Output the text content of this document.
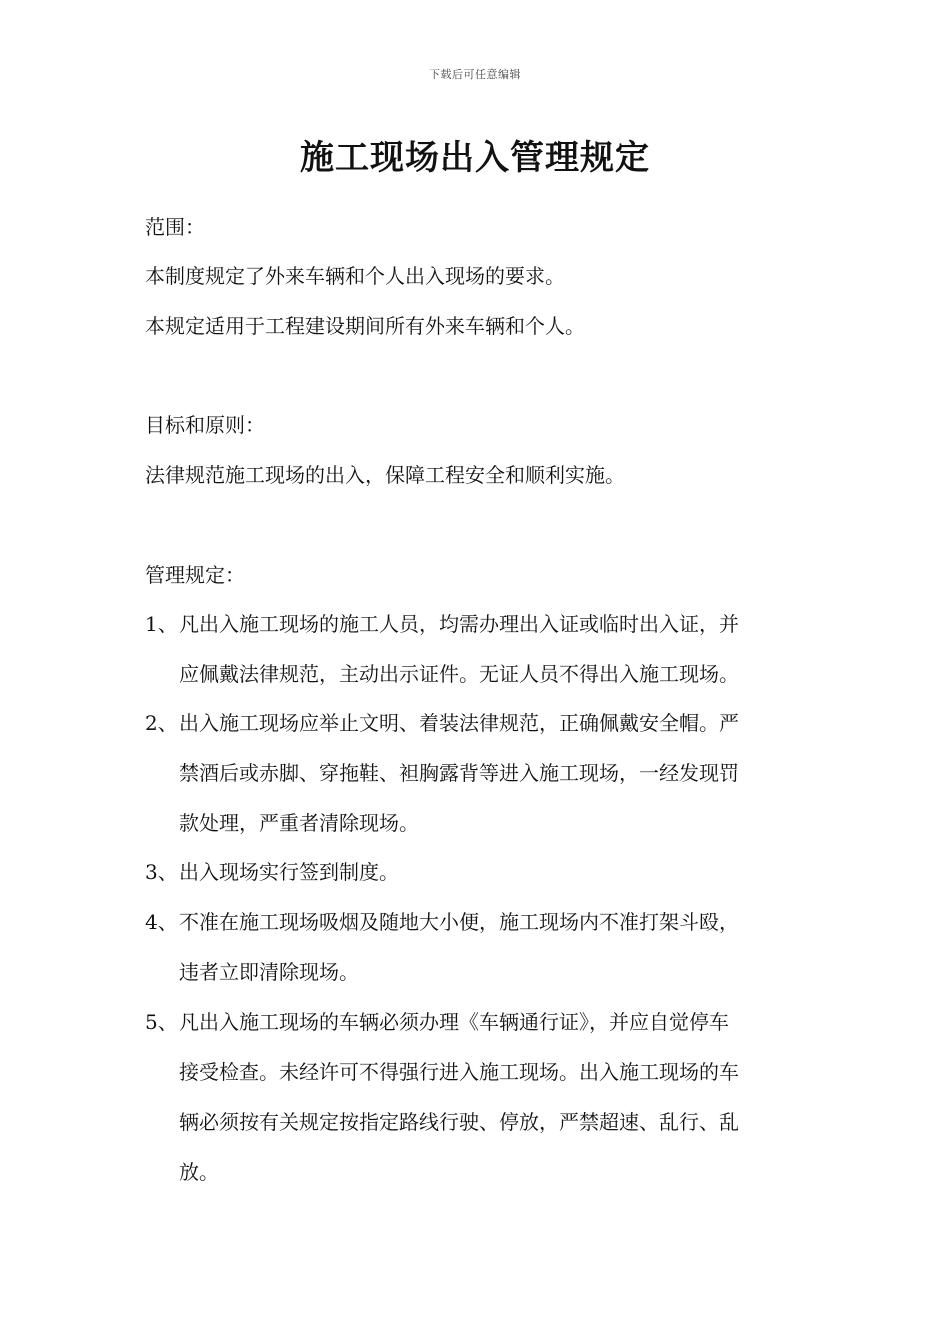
下载后可任意编辑
施工现场出入管理规定
范围：
本制度规定了外来车辆和个人出入现场的要求。
本规定适用于工程建设期间所有外来车辆和个人。
目标和原则：
法律规范施工现场的出入，保障工程安全和顺利实施。
管理规定：
1、 凡出入施工现场的施工人员，均需办理出入证或临时出入证，并
应佩戴法律规范，主动出示证件。无证人员不得出入施工现场。
2、 出入施工现场应举止文明、着装法律规范，正确佩戴安全帽。严
禁酒后或赤脚、穿拖鞋、袒胸露背等进入施工现场，一经发现罚
款处理，严重者清除现场。
3、 出入现场实行签到制度。
4、 不准在施工现场吸烟及随地大小便，施工现场内不准打架斗殴，
违者立即清除现场。
5、 凡出入施工现场的车辆必须办理《车辆通行证》，并应自觉停车
接受检查。未经许可不得强行进入施工现场。出入施工现场的车
辆必须按有关规定按指定路线行驶、停放，严禁超速、乱行、乱
放。
